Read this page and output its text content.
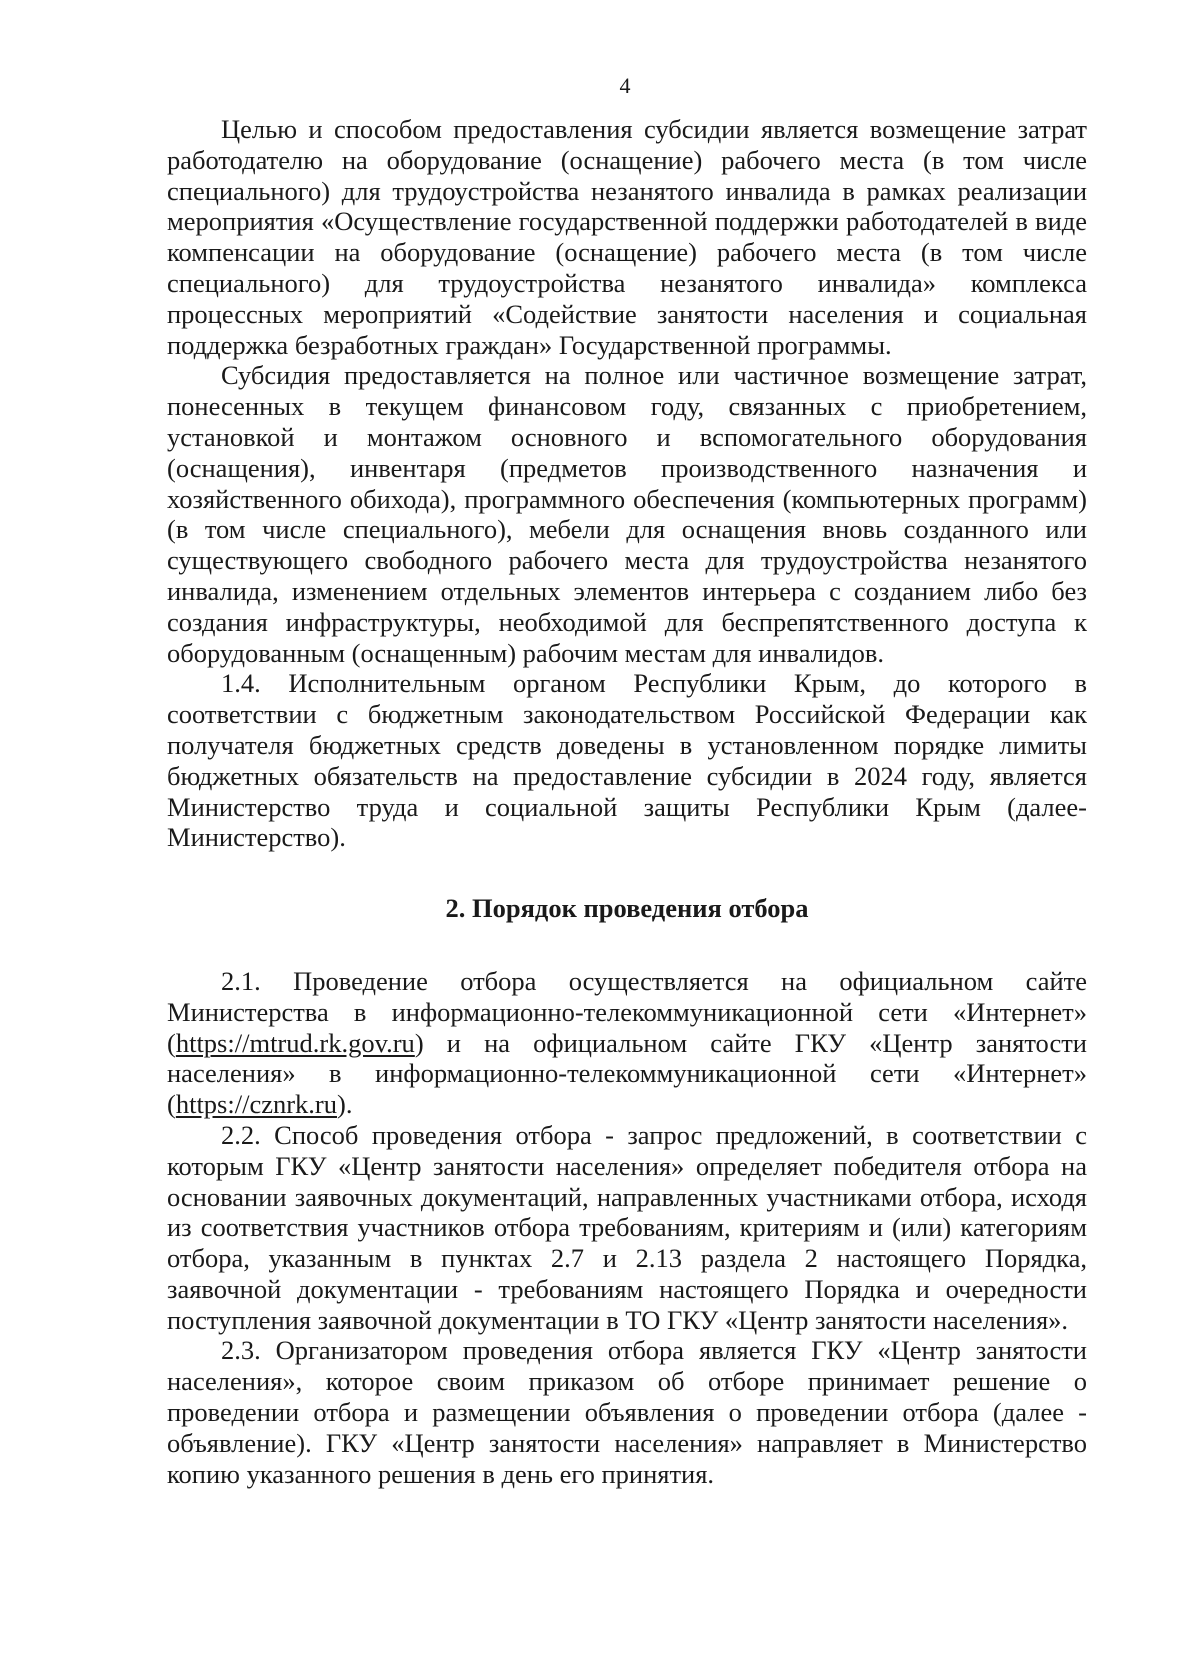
4

Целью и способом предоставления субсидии является возмещение затрат работодателю на оборудование (оснащение) рабочего места (в том числе специального) для трудоустройства незанятого инвалида в рамках реализации мероприятия «Осуществление государственной поддержки работодателей в виде компенсации на оборудование (оснащение) рабочего места (в том числе специального) для трудоустройства незанятого инвалида» комплекса процессных мероприятий «Содействие занятости населения и социальная поддержка безработных граждан» Государственной программы.

Субсидия предоставляется на полное или частичное возмещение затрат, понесенных в текущем финансовом году, связанных с приобретением, установкой и монтажом основного и вспомогательного оборудования (оснащения), инвентаря (предметов производственного назначения и хозяйственного обихода), программного обеспечения (компьютерных программ) (в том числе специального), мебели для оснащения вновь созданного или существующего свободного рабочего места для трудоустройства незанятого инвалида, изменением отдельных элементов интерьера с созданием либо без создания инфраструктуры, необходимой для беспрепятственного доступа к оборудованным (оснащенным) рабочим местам для инвалидов.

1.4. Исполнительным органом Республики Крым, до которого в соответствии с бюджетным законодательством Российской Федерации как получателя бюджетных средств доведены в установленном порядке лимиты бюджетных обязательств на предоставление субсидии в 2024 году, является Министерство труда и социальной защиты Республики Крым (далее- Министерство).

2. Порядок проведения отбора

2.1. Проведение отбора осуществляется на официальном сайте Министерства в информационно-телекоммуникационной сети «Интернет» (https://mtrud.rk.gov.ru) и на официальном сайте ГКУ «Центр занятости населения» в информационно-телекоммуникационной сети «Интернет» (https://cznrk.ru).

2.2. Способ проведения отбора - запрос предложений, в соответствии с которым ГКУ «Центр занятости населения» определяет победителя отбора на основании заявочных документаций, направленных участниками отбора, исходя из соответствия участников отбора требованиям, критериям и (или) категориям отбора, указанным в пунктах 2.7 и 2.13 раздела 2 настоящего Порядка, заявочной документации - требованиям настоящего Порядка и очередности поступления заявочной документации в ТО ГКУ «Центр занятости населения».

2.3. Организатором проведения отбора является ГКУ «Центр занятости населения», которое своим приказом об отборе принимает решение о проведении отбора и размещении объявления о проведении отбора (далее - объявление). ГКУ «Центр занятости населения» направляет в Министерство копию указанного решения в день его принятия.
